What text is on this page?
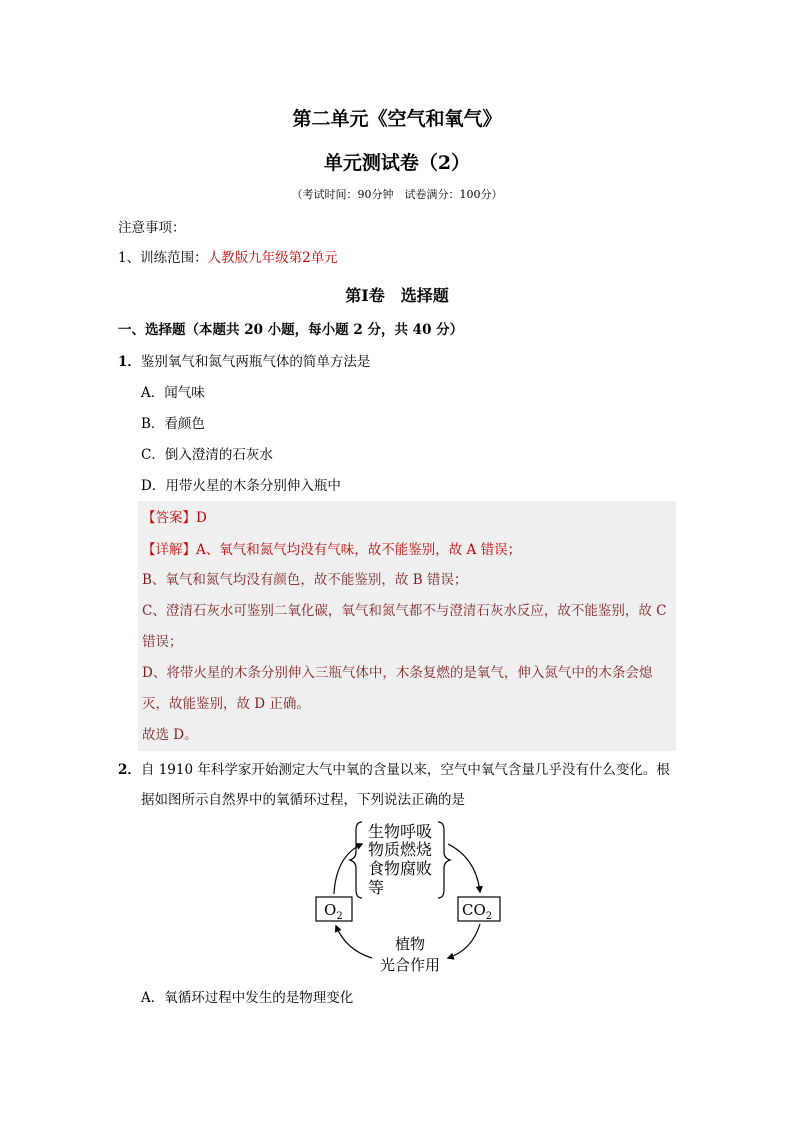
第二单元《空气和氧气》
单元测试卷（2）
（考试时间：90分钟　试卷满分：100分）
注意事项：
1、训练范围：人教版九年级第2单元
第Ⅰ卷　选择题
一、选择题（本题共 20 小题，每小题 2 分，共 40 分）
1．鉴别氧气和氮气两瓶气体的简单方法是
A．闻气味
B．看颜色
C．倒入澄清的石灰水
D．用带火星的木条分别伸入瓶中
【答案】D
【详解】A、氧气和氮气均没有气味，故不能鉴别，故 A 错误；
B、氧气和氮气均没有颜色，故不能鉴别，故 B 错误；
C、澄清石灰水可鉴别二氧化碳，氧气和氮气都不与澄清石灰水反应，故不能鉴别，故 C
错误；
D、将带火星的木条分别伸入三瓶气体中，木条复燃的是氧气，伸入氮气中的木条会熄
灭，故能鉴别，故 D 正确。
故选 D。
2．自 1910 年科学家开始测定大气中氧的含量以来，空气中氧气含量几乎没有什么变化。根
据如图所示自然界中的氧循环过程，下列说法正确的是
生物呼吸
物质燃烧
食物腐败
等
$O_2$	$CO_2$
植物
光合作用
A．氧循环过程中发生的是物理变化
